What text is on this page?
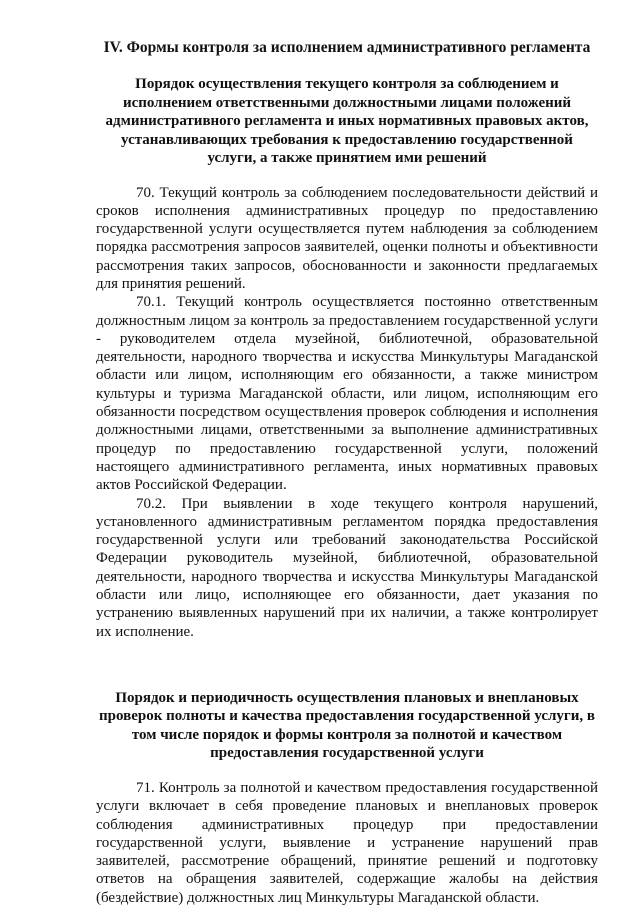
IV. Формы контроля за исполнением административного регламента
Порядок осуществления текущего контроля за соблюдением и исполнением ответственными должностными лицами положений административного регламента и иных нормативных правовых актов, устанавливающих требования к предоставлению государственной услуги, а также принятием ими решений

70. Текущий контроль за соблюдением последовательности действий и сроков исполнения административных процедур по предоставлению государственной услуги осуществляется путем наблюдения за соблюдением порядка рассмотрения запросов заявителей, оценки полноты и объективности рассмотрения таких запросов, обоснованности и законности предлагаемых для принятия решений.

70.1. Текущий контроль осуществляется постоянно ответственным должностным лицом за контроль за предоставлением государственной услуги - руководителем отдела музейной, библиотечной, образовательной деятельности, народного творчества и искусства Минкультуры Магаданской области или лицом, исполняющим его обязанности, а также министром культуры и туризма Магаданской области, или лицом, исполняющим его обязанности посредством осуществления проверок соблюдения и исполнения должностными лицами, ответственными за выполнение административных процедур по предоставлению государственной услуги, положений настоящего административного регламента, иных нормативных правовых актов Российской Федерации.

70.2. При выявлении в ходе текущего контроля нарушений, установленного административным регламентом порядка предоставления государственной услуги или требований законодательства Российской Федерации руководитель музейной, библиотечной, образовательной деятельности, народного творчества и искусства Минкультуры Магаданской области или лицо, исполняющее его обязанности, дает указания по устранению выявленных нарушений при их наличии, а также контролирует их исполнение.

Порядок и периодичность осуществления плановых и внеплановых проверок полноты и качества предоставления государственной услуги, в том числе порядок и формы контроля за полнотой и качеством предоставления государственной услуги

71. Контроль за полнотой и качеством предоставления государственной услуги включает в себя проведение плановых и внеплановых проверок соблюдения административных процедур при предоставлении государственной услуги, выявление и устранение нарушений прав заявителей, рассмотрение обращений, принятие решений и подготовку ответов на обращения заявителей, содержащие жалобы на действия (бездействие) должностных лиц Минкультуры Магаданской области.
